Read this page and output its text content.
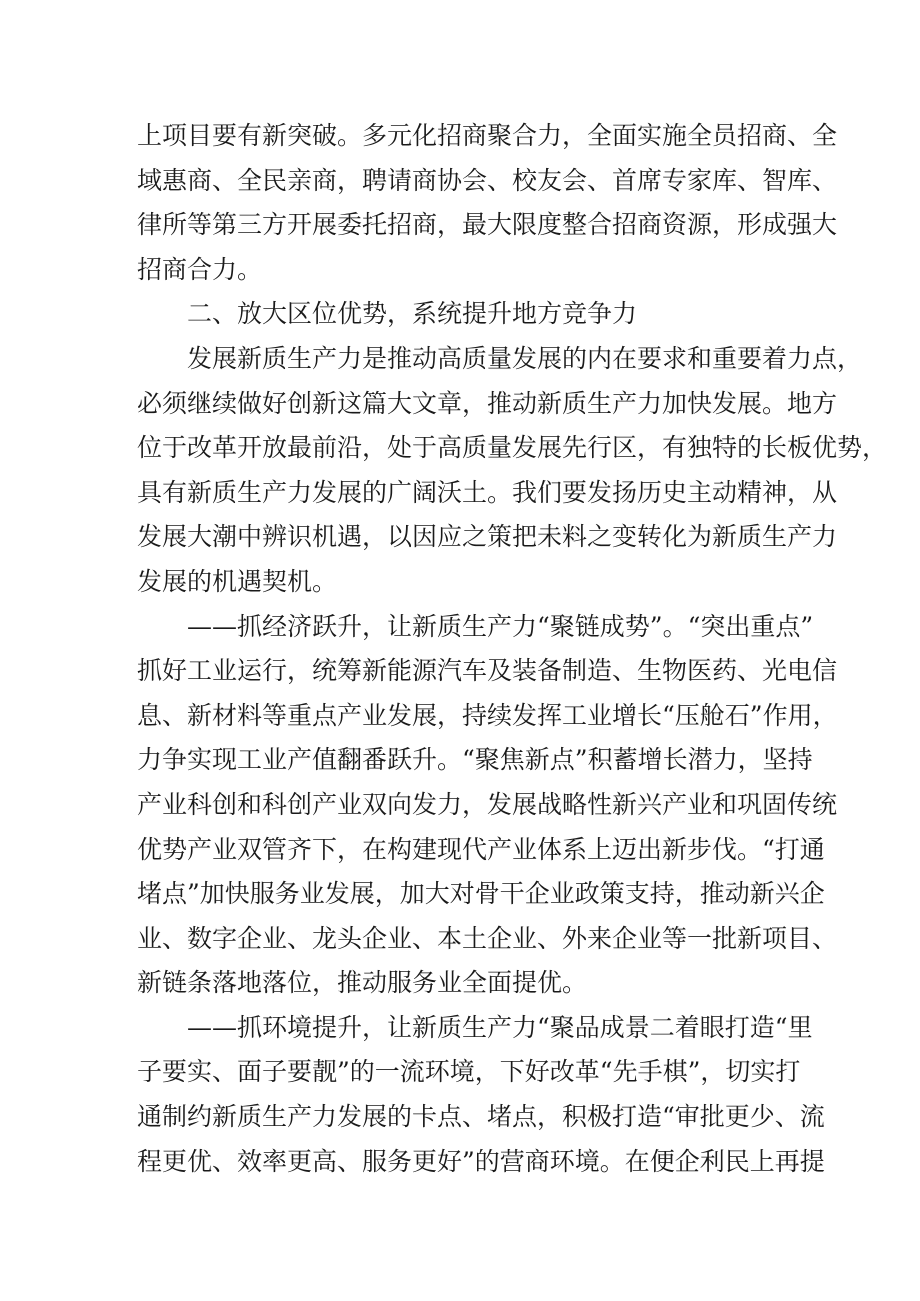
上项目要有新突破。多元化招商聚合力，全面实施全员招商、全
域惠商、全民亲商，聘请商协会、校友会、首席专家库、智库、
律所等第三方开展委托招商，最大限度整合招商资源，形成强大
招商合力。
二、放大区位优势，系统提升地方竞争力
发展新质生产力是推动高质量发展的内在要求和重要着力点，
必须继续做好创新这篇大文章，推动新质生产力加快发展。地方
位于改革开放最前沿，处于高质量发展先行区，有独特的长板优势，
具有新质生产力发展的广阔沃土。我们要发扬历史主动精神，从
发展大潮中辨识机遇，以因应之策把未料之变转化为新质生产力
发展的机遇契机。
——抓经济跃升，让新质生产力“聚链成势”。“突出重点”
抓好工业运行，统筹新能源汽车及装备制造、生物医药、光电信
息、新材料等重点产业发展，持续发挥工业增长“压舱石”作用，
力争实现工业产值翻番跃升。“聚焦新点”积蓄增长潜力，坚持
产业科创和科创产业双向发力，发展战略性新兴产业和巩固传统
优势产业双管齐下，在构建现代产业体系上迈出新步伐。“打通
堵点”加快服务业发展，加大对骨干企业政策支持，推动新兴企
业、数字企业、龙头企业、本土企业、外来企业等一批新项目、
新链条落地落位，推动服务业全面提优。
——抓环境提升，让新质生产力“聚品成景二着眼打造“里
子要实、面子要靓”的一流环境，下好改革“先手棋”，切实打
通制约新质生产力发展的卡点、堵点，积极打造“审批更少、流
程更优、效率更高、服务更好”的营商环境。在便企利民上再提
